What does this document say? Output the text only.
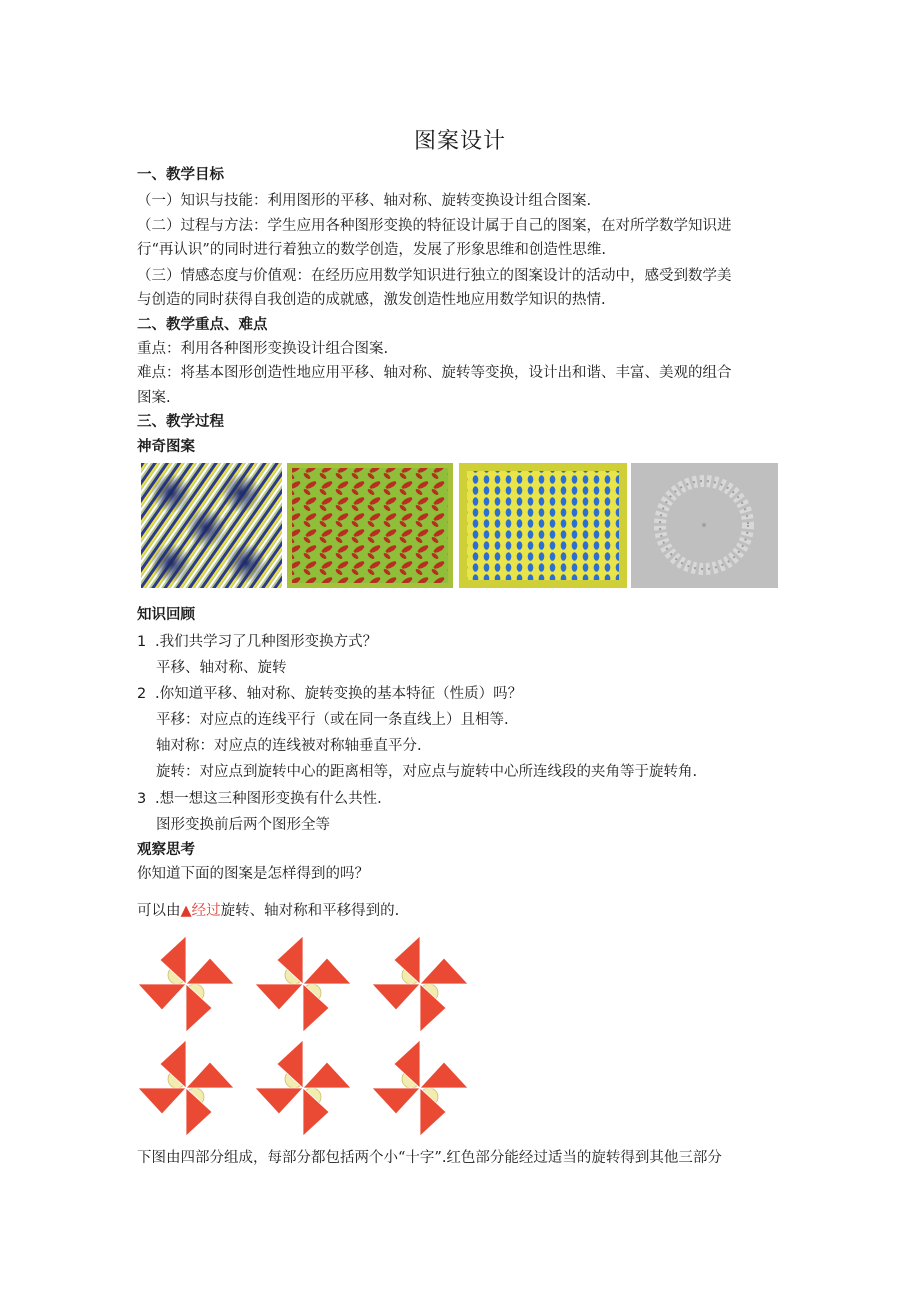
图案设计
一、教学目标
（一）知识与技能：利用图形的平移、轴对称、旋转变换设计组合图案.
（二）过程与方法：学生应用各种图形变换的特征设计属于自己的图案，在对所学数学知识进
行“再认识”的同时进行着独立的数学创造，发展了形象思维和创造性思维.
（三）情感态度与价值观：在经历应用数学知识进行独立的图案设计的活动中，感受到数学美
与创造的同时获得自我创造的成就感，激发创造性地应用数学知识的热情.
二、教学重点、难点
重点：利用各种图形变换设计组合图案.
难点：将基本图形创造性地应用平移、轴对称、旋转等变换，设计出和谐、丰富、美观的组合
图案.
三、教学过程
神奇图案
知识回顾
1 .我们共学习了几种图形变换方式？
平移、轴对称、旋转
2 .你知道平移、轴对称、旋转变换的基本特征（性质）吗？
平移：对应点的连线平行（或在同一条直线上）且相等.
轴对称：对应点的连线被对称轴垂直平分.
旋转：对应点到旋转中心的距离相等，对应点与旋转中心所连线段的夹角等于旋转角.
3 .想一想这三种图形变换有什么共性.
图形变换前后两个图形全等
观察思考
你知道下面的图案是怎样得到的吗？
可以由▲经过旋转、轴对称和平移得到的.
下图由四部分组成，每部分都包括两个小“十字”.红色部分能经过适当的旋转得到其他三部分
